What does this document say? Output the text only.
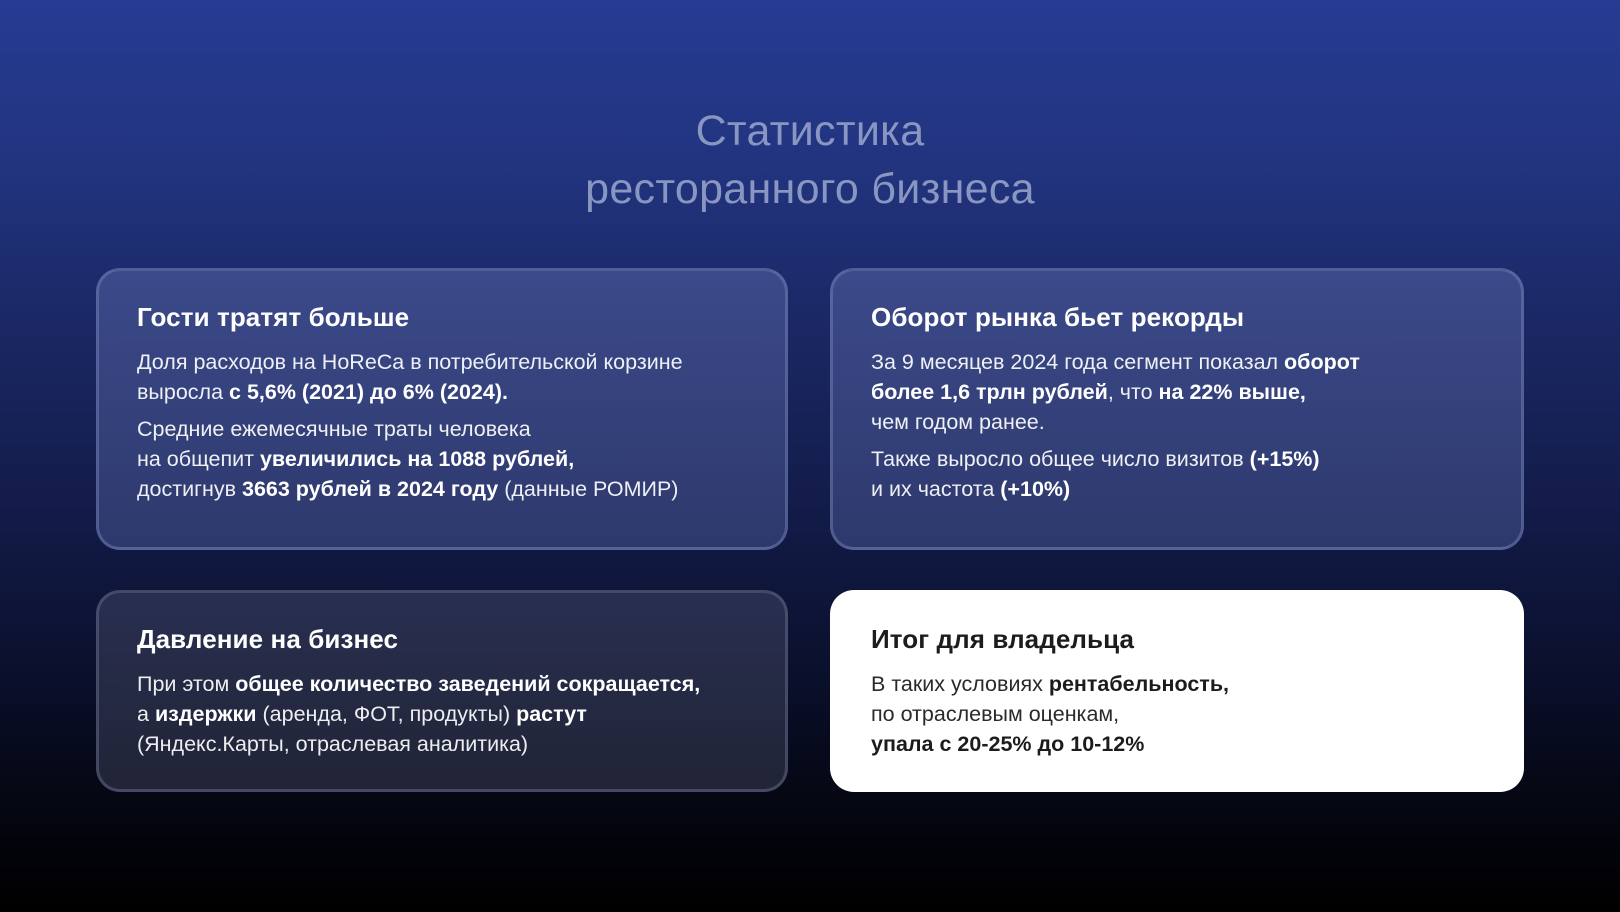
Статистика
ресторанного бизнеса
Гости тратят больше

Доля расходов на HoReCa в потребительской корзине
выросла с 5,6% (2021) до 6% (2024).

Средние ежемесячные траты человека
на общепит увеличились на 1088 рублей,
достигнув 3663 рублей в 2024 году (данные РОМИР)

Оборот рынка бьет рекорды

За 9 месяцев 2024 года сегмент показал оборот
более 1,6 трлн рублей, что на 22% выше,
чем годом ранее.

Также выросло общее число визитов (+15%)
и их частота (+10%)

Давление на бизнес

При этом общее количество заведений сокращается,
а издержки (аренда, ФОТ, продукты) растут
(Яндекс.Карты, отраслевая аналитика)

Итог для владельца

В таких условиях рентабельность,
по отраслевым оценкам,
упала с 20-25% до 10-12%
